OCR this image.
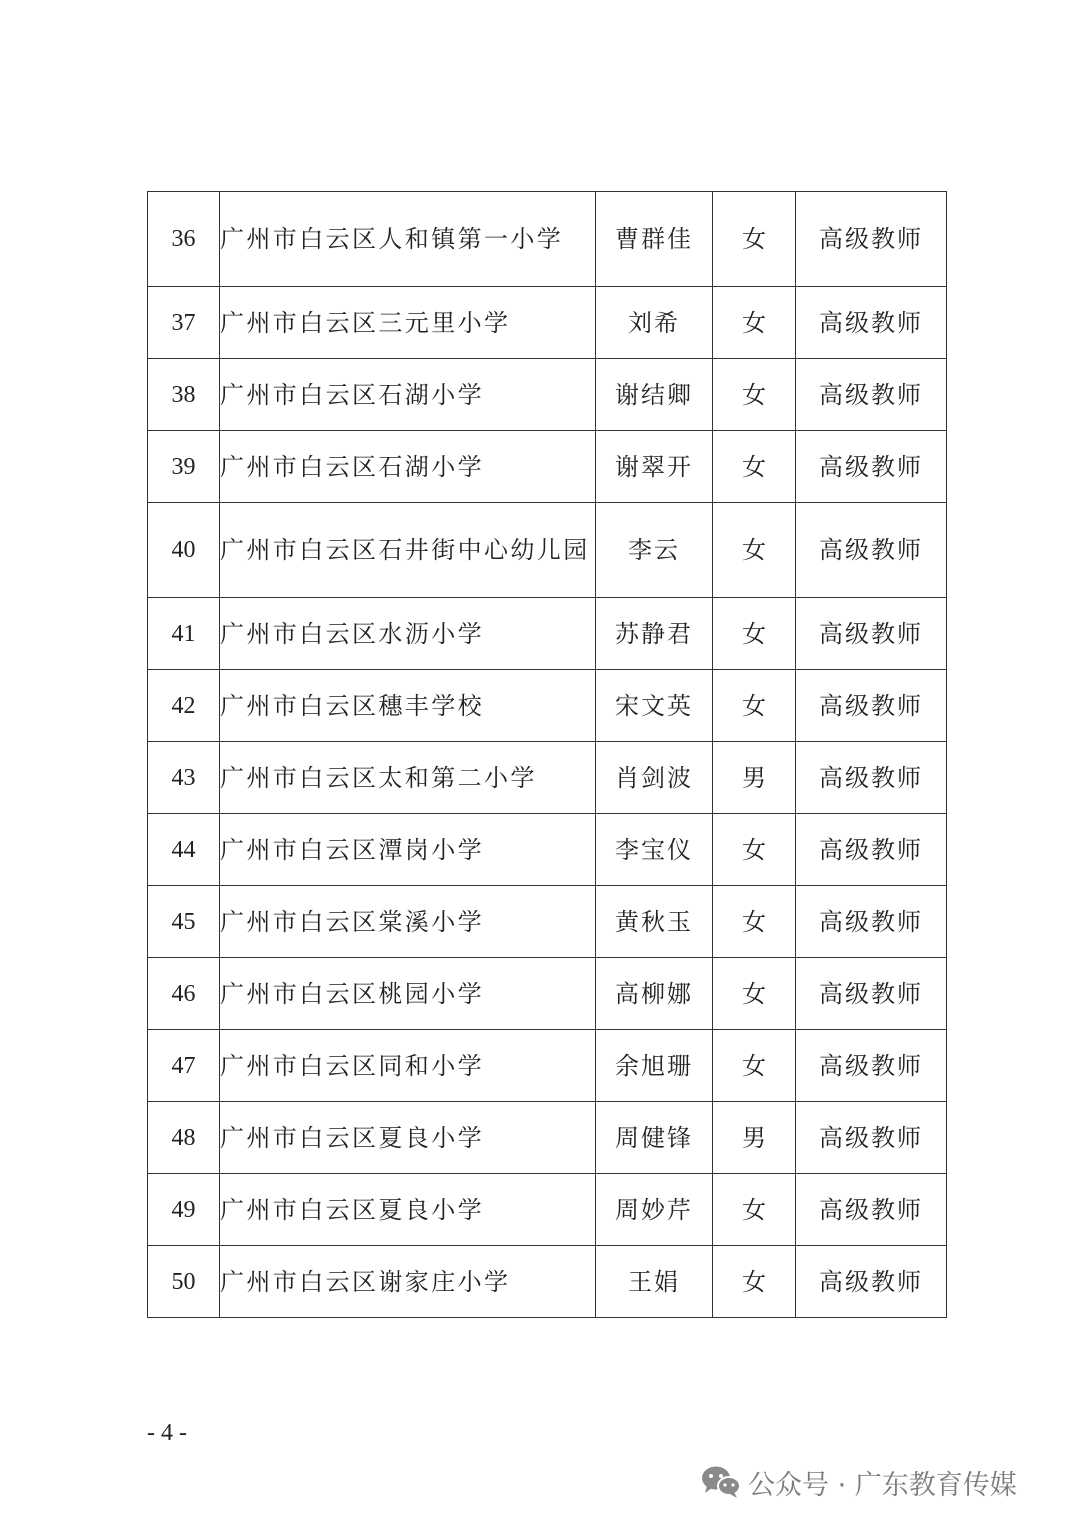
36	广州市白云区人和镇第一小学	曹群佳	女	高级教师
37	广州市白云区三元里小学	刘希	女	高级教师
38	广州市白云区石湖小学	谢结卿	女	高级教师
39	广州市白云区石湖小学	谢翠开	女	高级教师
40	广州市白云区石井街中心幼儿园	李云	女	高级教师
41	广州市白云区水沥小学	苏静君	女	高级教师
42	广州市白云区穗丰学校	宋文英	女	高级教师
43	广州市白云区太和第二小学	肖剑波	男	高级教师
44	广州市白云区潭岗小学	李宝仪	女	高级教师
45	广州市白云区棠溪小学	黄秋玉	女	高级教师
46	广州市白云区桃园小学	高柳娜	女	高级教师
47	广州市白云区同和小学	余旭珊	女	高级教师
48	广州市白云区夏良小学	周健锋	男	高级教师
49	广州市白云区夏良小学	周妙芹	女	高级教师
50	广州市白云区谢家庄小学	王娟	女	高级教师
- 4 -
公众号 · 广东教育传媒
